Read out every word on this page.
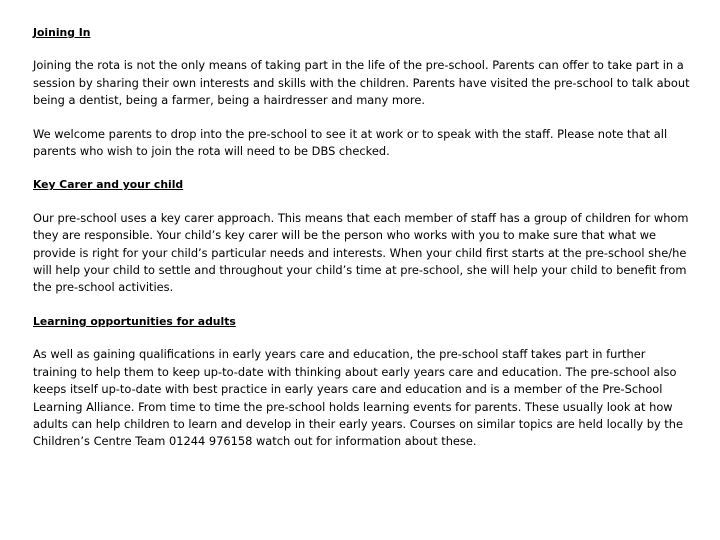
Joining In

Joining the rota is not the only means of taking part in the life of the pre-school. Parents can offer to take part in a session by sharing their own interests and skills with the children. Parents have visited the pre-school to talk about being a dentist, being a farmer, being a hairdresser and many more.

We welcome parents to drop into the pre-school to see it at work or to speak with the staff. Please note that all parents who wish to join the rota will need to be DBS checked.

Key Carer and your child

Our pre-school uses a key carer approach. This means that each member of staff has a group of children for whom they are responsible. Your child’s key carer will be the person who works with you to make sure that what we provide is right for your child’s particular needs and interests. When your child first starts at the pre-school she/he will help your child to settle and throughout your child’s time at pre-school, she will help your child to benefit from the pre-school activities.

Learning opportunities for adults

As well as gaining qualifications in early years care and education, the pre-school staff takes part in further training to help them to keep up-to-date with thinking about early years care and education. The pre-school also keeps itself up-to-date with best practice in early years care and education and is a member of the Pre-School Learning Alliance. From time to time the pre-school holds learning events for parents. These usually look at how adults can help children to learn and develop in their early years. Courses on similar topics are held locally by the Children’s Centre Team 01244 976158 watch out for information about these.
